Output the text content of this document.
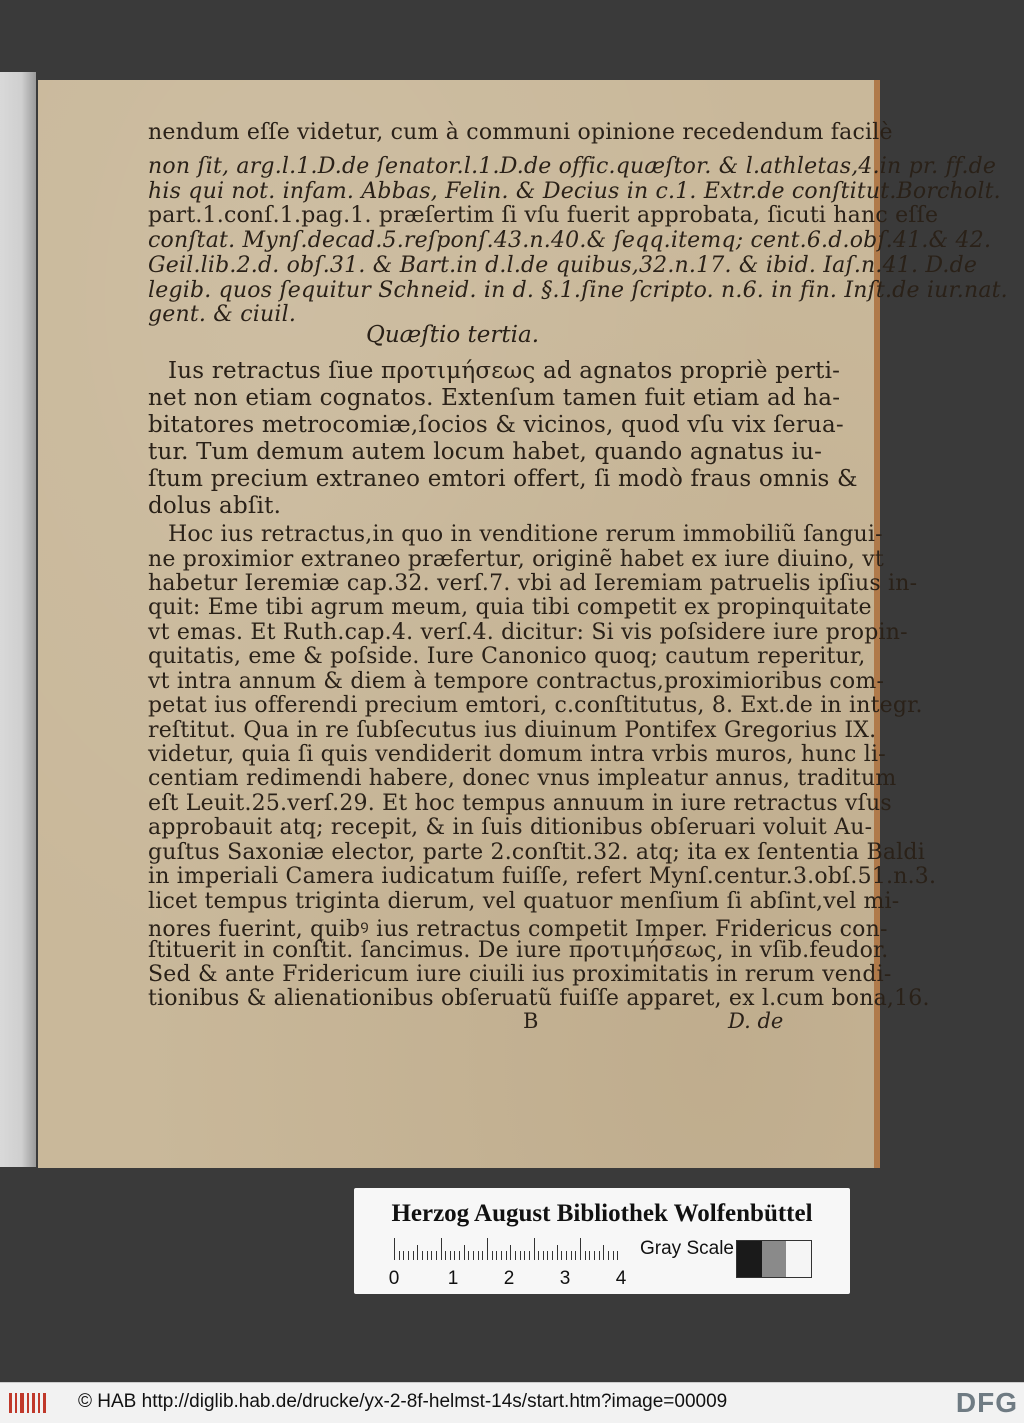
nendum eſſe videtur, cum à communi opinione recedendum facilè
non ſit, arg.l.1.D.de ſenator.l.1.D.de offic.quæſtor. & l.athletas,4.in pr. ff.de
his qui not. infam. Abbas, Felin. & Decius in c.1. Extr.de conſtitut.Borcholt.
part.1.conſ.1.pag.1. præſertim ſi vſu fuerit approbata, ſicuti hanc eſſe
conſtat. Mynſ.decad.5.reſponſ.43.n.40.& ſeqq.itemq; cent.6.d.obſ.41.& 42.
Geil.lib.2.d. obſ.31. & Bart.in d.l.de quibus,32.n.17. & ibid. Iaſ.n.41. D.de
legib. quos ſequitur Schneid. in d. §.1.ſine ſcripto. n.6. in fin. Inſt.de iur.nat.
gent. & ciuil.
Quæſtio tertia.
Ius retractus ſiue προτιμήσεως ad agnatos propriè perti-
net non etiam cognatos. Extenſum tamen fuit etiam ad ha-
bitatores metrocomiæ,ſocios & vicinos, quod vſu vix ſerua-
tur. Tum demum autem locum habet, quando agnatus iu-
ſtum precium extraneo emtori offert, ſi modò fraus omnis &
dolus abſit.
Hoc ius retractus,in quo in venditione rerum immobiliũ ſangui-
ne proximior extraneo præfertur, originẽ habet ex iure diuino, vt
habetur Ieremiæ cap.32. verſ.7. vbi ad Ieremiam patruelis ipſius in-
quit: Eme tibi agrum meum, quia tibi competit ex propinquitate
vt emas. Et Ruth.cap.4. verſ.4. dicitur: Si vis poſsidere iure propin-
quitatis, eme & poſside. Iure Canonico quoq; cautum reperitur,
vt intra annum & diem à tempore contractus,proximioribus com-
petat ius offerendi precium emtori, c.conſtitutus, 8. Ext.de in integr.
reſtitut. Qua in re ſubſecutus ius diuinum Pontifex Gregorius IX.
videtur, quia ſi quis vendiderit domum intra vrbis muros, hunc li-
centiam redimendi habere, donec vnus impleatur annus, traditum
eſt Leuit.25.verſ.29. Et hoc tempus annuum in iure retractus vſus
approbauit atq; recepit, & in ſuis ditionibus obſeruari voluit Au-
guſtus Saxoniæ elector, parte 2.conſtit.32. atq; ita ex ſententia Baldi
in imperiali Camera iudicatum fuiſſe, refert Mynſ.centur.3.obſ.51.n.3.
licet tempus triginta dierum, vel quatuor menſium ſi abſint,vel mi-
nores fuerint, quibꝰ ius retractus competit Imper. Fridericus con-
ſtituerit in conſtit. ſancimus. De iure προτιμήσεως, in vſib.feudor.
Sed & ante Fridericum iure ciuili ius proximitatis in rerum vendi-
tionibus & alienationibus obſeruatũ fuiſſe apparet, ex l.cum bona,16.
B	D. de
Herzog August Bibliothek Wolfenbüttel
0	1 2 3 4
Gray Scale
© HAB http://diglib.hab.de/drucke/yx-2-8f-helmst-14s/start.htm?image=00009	DFG
